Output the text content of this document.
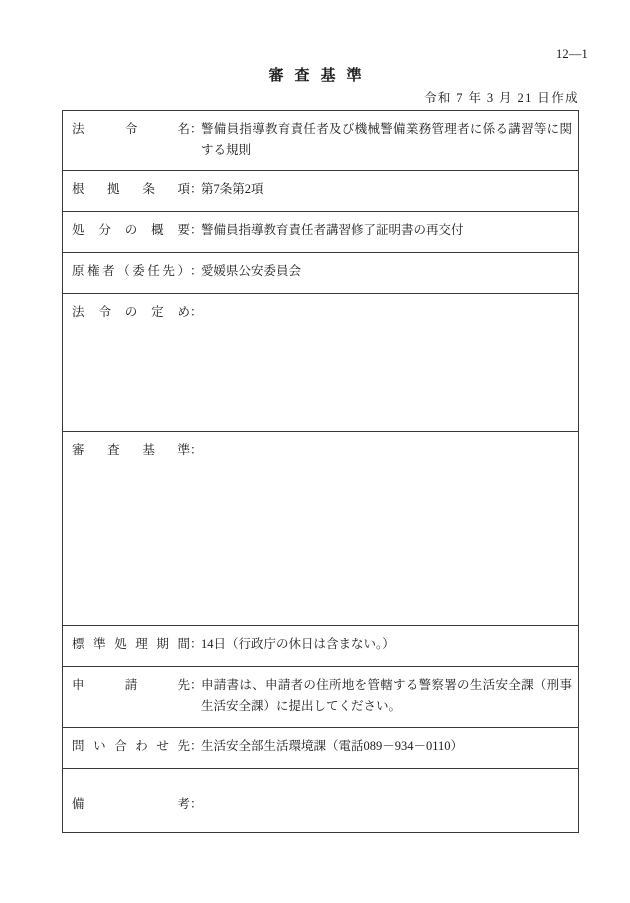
12—1
審査基準
令和 7 年 3 月 21 日作成
法	令	名 ：
警備員指導教育責任者及び機械警備業務管理者に係る講習等に関する規則

根 拠 条 項 ：
第7条第2項

処 分 の 概 要 ：
警備員指導教育責任者講習修了証明書の再交付

原 権 者 （ 委 任 先 ） ：
愛媛県公安委員会

法 令 の 定 め ：

審 査 基 準 ：

標 準 処 理 期 間 ：
14日（行政庁の休日は含まない。）

申	請	先 ：
申請書は、申請者の住所地を管轄する警察署の生活安全課（刑事生活安全課）に提出してください。

問 い 合 わ せ 先 ：
生活安全部生活環境課（電話089－934－0110）

備	考 ：
